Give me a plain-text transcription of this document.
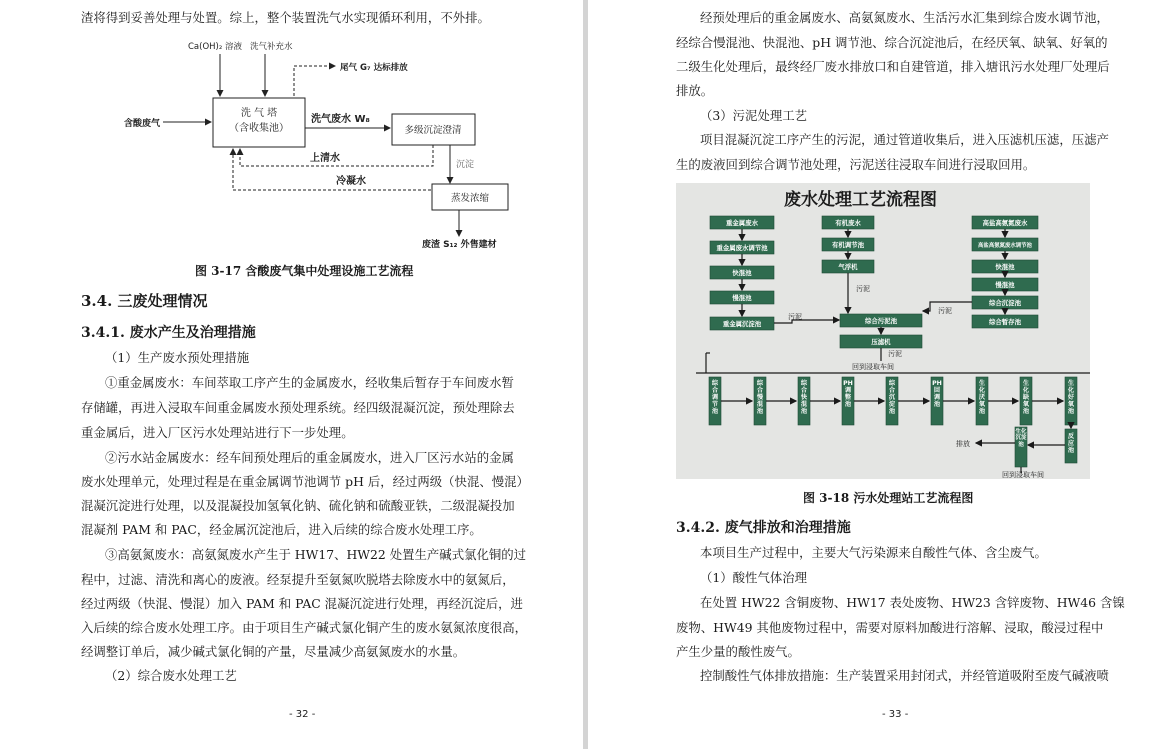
渣将得到妥善处理与处置。综上，整个装置洗气水实现循环利用，不外排。
Ca(OH)₂ 溶液 洗气补充水
尾气 G₇ 达标排放
含酸废气
洗 气 塔
（含收集池）
洗气废水 W₈
多级沉淀澄清
上清水
沉淀
冷凝水
蒸发浓缩
废渣 S₁₂ 外售建材
图 3-17 含酸废气集中处理设施工艺流程
3.4. 三废处理情况
3.4.1. 废水产生及治理措施
（1）生产废水预处理措施
①重金属废水：车间萃取工序产生的金属废水，经收集后暂存于车间废水暂
存储罐，再进入浸取车间重金属废水预处理系统。经四级混凝沉淀，预处理除去
重金属后，进入厂区污水处理站进行下一步处理。
②污水站金属废水：经车间预处理后的重金属废水，进入厂区污水站的金属
废水处理单元，处理过程是在重金属调节池调节 pH 后，经过两级（快混、慢混）
混凝沉淀进行处理，以及混凝投加氢氧化钠、硫化钠和硫酸亚铁，二级混凝投加
混凝剂 PAM 和 PAC，经金属沉淀池后，进入后续的综合废水处理工序。
③高氨氮废水：高氨氮废水产生于 HW17、HW22 处置生产碱式氯化铜的过
程中，过滤、清洗和离心的废液。经泵提升至氨氮吹脱塔去除废水中的氨氮后，
经过两级（快混、慢混）加入 PAM 和 PAC 混凝沉淀进行处理，再经沉淀后，进
入后续的综合废水处理工序。由于项目生产碱式氯化铜产生的废水氨氮浓度很高，
经调整订单后，减少碱式氯化铜的产量，尽量减少高氨氮废水的水量。
（2）综合废水处理工艺
- 32 -
经预处理后的重金属废水、高氨氮废水、生活污水汇集到综合废水调节池，
经综合慢混池、快混池、pH 调节池、综合沉淀池后，在经厌氧、缺氧、好氧的
二级生化处理后，最终经厂废水排放口和自建管道，排入塘讯污水处理厂处理后
排放。
（3）污泥处理工艺
项目混凝沉淀工序产生的污泥，通过管道收集后，进入压滤机压滤，压滤产
生的废液回到综合调节池处理，污泥送往浸取车间进行浸取回用。
废水处理工艺流程图
重金属废水
重金属废水调节池
快混池
慢混池
重金属沉淀池
有机废水
有机调节池
气浮机
污泥
高盐高氨氮废水
高盐高氨氮废水调节池
快混池
慢混池
综合沉淀池
综合暂存池
污泥
综合污泥池
压滤机
污泥
回到浸取车间
污泥
排放
回到浸取车间
综合调节池
综合慢混池
综合快混池
PH调整池
综合沉淀池
PH回调池
生化厌氧池
生化缺氧池
生化好氧池
反应池
生化沉淀池
图 3-18 污水处理站工艺流程图
3.4.2. 废气排放和治理措施
本项目生产过程中，主要大气污染源来自酸性气体、含尘废气。
（1）酸性气体治理
在处置 HW22 含铜废物、HW17 表处废物、HW23 含锌废物、HW46 含镍
废物、HW49 其他废物过程中，需要对原料加酸进行溶解、浸取，酸浸过程中
产生少量的酸性废气。
控制酸性气体排放措施：生产装置采用封闭式，并经管道吸附至废气碱液喷
- 33 -
